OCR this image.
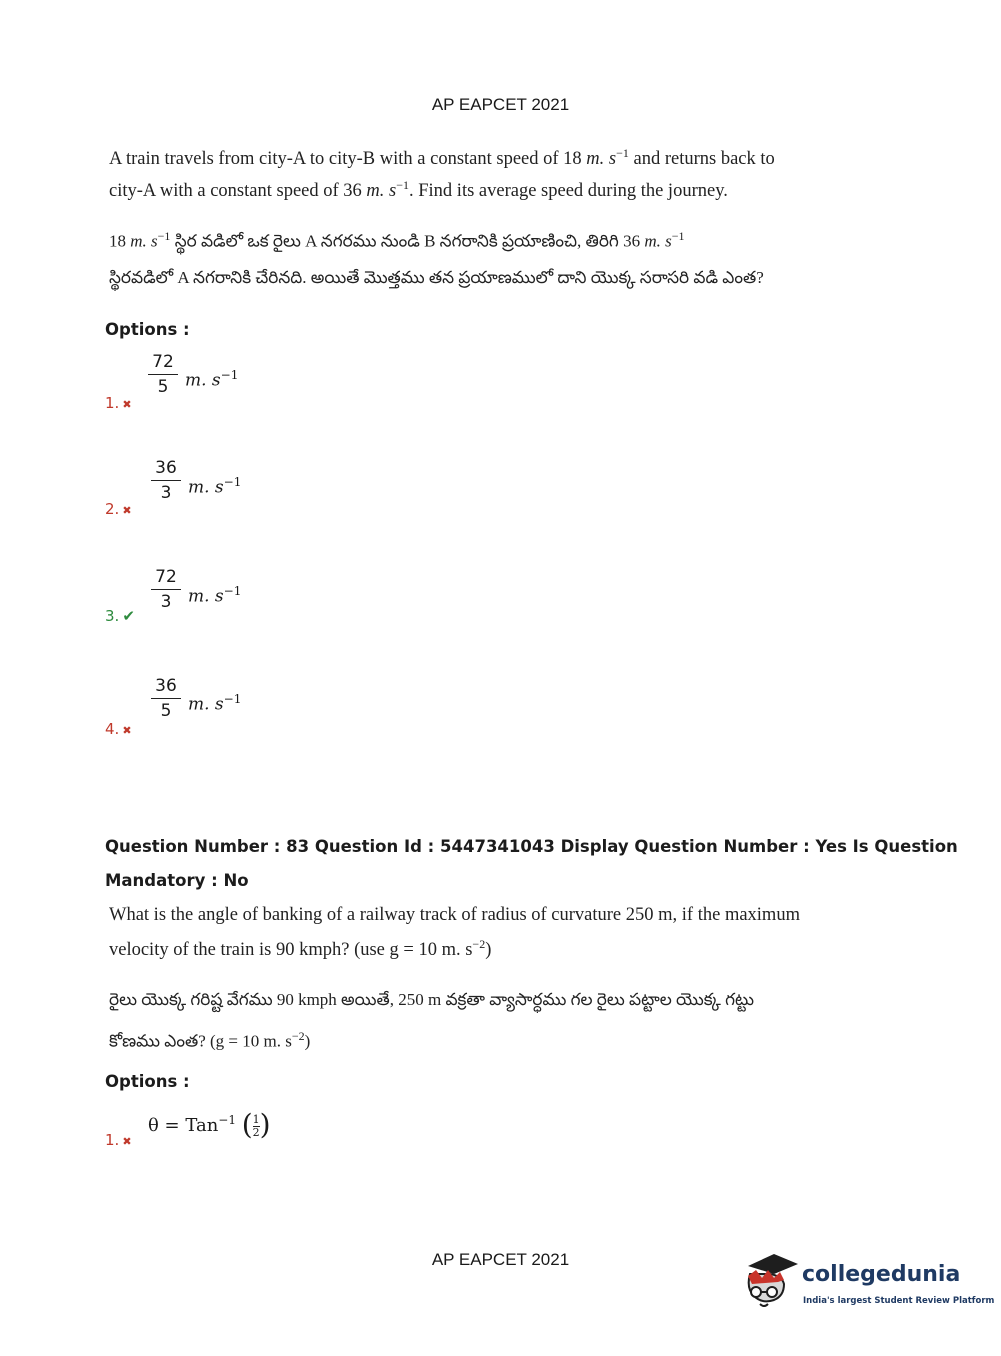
AP EAPCET 2021
A train travels from city-A to city-B with a constant speed of 18 m. $s^{-1}$ and returns back to
city-A with a constant speed of 36 m. $s^{-1}$. Find its average speed during the journey.
18 m. $s^{-1}$ స్థిర వడిలో ఒక రైలు A నగరము నుండి B నగరానికి ప్రయాణించి, తిరిగి 36 m. $s^{-1}$
స్థిరవడిలో A నగరానికి చేరినది. అయితే మొత్తము తన ప్రయాణములో దాని యొక్క సరాసరి వడి ఎంత?
Options :
1. ✖
72
5 m. $s^{-1}$
2. ✖
36
3 m. $s^{-1}$
3. ✔
72
3 m. $s^{-1}$
4. ✖
36
5 m. $s^{-1}$
Question Number : 83 Question Id : 5447341043 Display Question Number : Yes Is Question
Mandatory : No
What is the angle of banking of a railway track of radius of curvature 250 m, if the maximum
velocity of the train is 90 kmph? (use g = 10 m. $s^{-2}$)
రైలు యొక్క గరిష్ట వేగము 90 kmph అయితే, 250 m వక్రతా వ్యాసార్ధము గల రైలు పట్టాల యొక్క గట్టు
కోణము ఎంత? (g = 10 m. $s^{-2}$)
Options :
1. ✖
θ = Tan$^{-1}$ ( $\frac{1}{2}$ )
AP EAPCET 2021
collegedunia
India's largest Student Review Platform
